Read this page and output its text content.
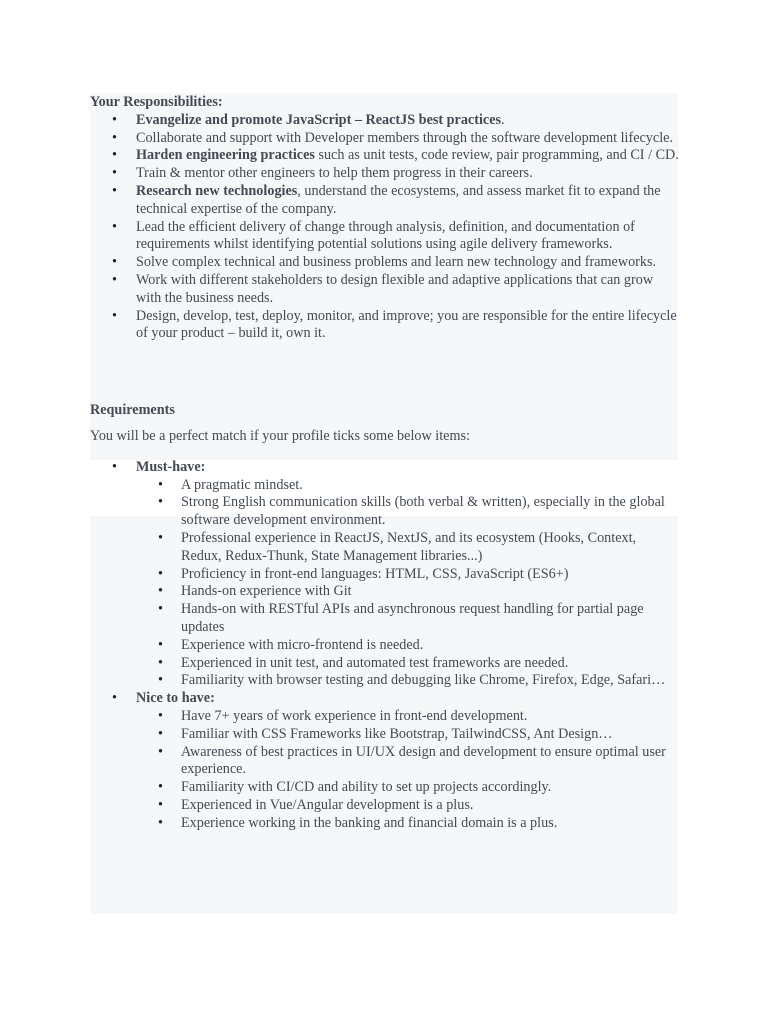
Your Responsibilities:

• Evangelize and promote JavaScript – ReactJS best practices.
• Collaborate and support with Developer members through the software development lifecycle.
• Harden engineering practices such as unit tests, code review, pair programming, and CI / CD.
• Train & mentor other engineers to help them progress in their careers.
• Research new technologies, understand the ecosystems, and assess market fit to expand the technical expertise of the company.
• Lead the efficient delivery of change through analysis, definition, and documentation of requirements whilst identifying potential solutions using agile delivery frameworks.
• Solve complex technical and business problems and learn new technology and frameworks.
• Work with different stakeholders to design flexible and adaptive applications that can grow with the business needs.
• Design, develop, test, deploy, monitor, and improve; you are responsible for the entire lifecycle of your product – build it, own it.

Requirements

You will be a perfect match if your profile ticks some below items:

• Must-have:
• A pragmatic mindset.
• Strong English communication skills (both verbal & written), especially in the global software development environment.
• Professional experience in ReactJS, NextJS, and its ecosystem (Hooks, Context, Redux, Redux-Thunk, State Management libraries...)
• Proficiency in front-end languages: HTML, CSS, JavaScript (ES6+)
• Hands-on experience with Git
• Hands-on with RESTful APIs and asynchronous request handling for partial page updates
• Experience with micro-frontend is needed.
• Experienced in unit test, and automated test frameworks are needed.
• Familiarity with browser testing and debugging like Chrome, Firefox, Edge, Safari…
• Nice to have:
• Have 7+ years of work experience in front-end development.
• Familiar with CSS Frameworks like Bootstrap, TailwindCSS, Ant Design…
• Awareness of best practices in UI/UX design and development to ensure optimal user experience.
• Familiarity with CI/CD and ability to set up projects accordingly.
• Experienced in Vue/Angular development is a plus.
• Experience working in the banking and financial domain is a plus.
